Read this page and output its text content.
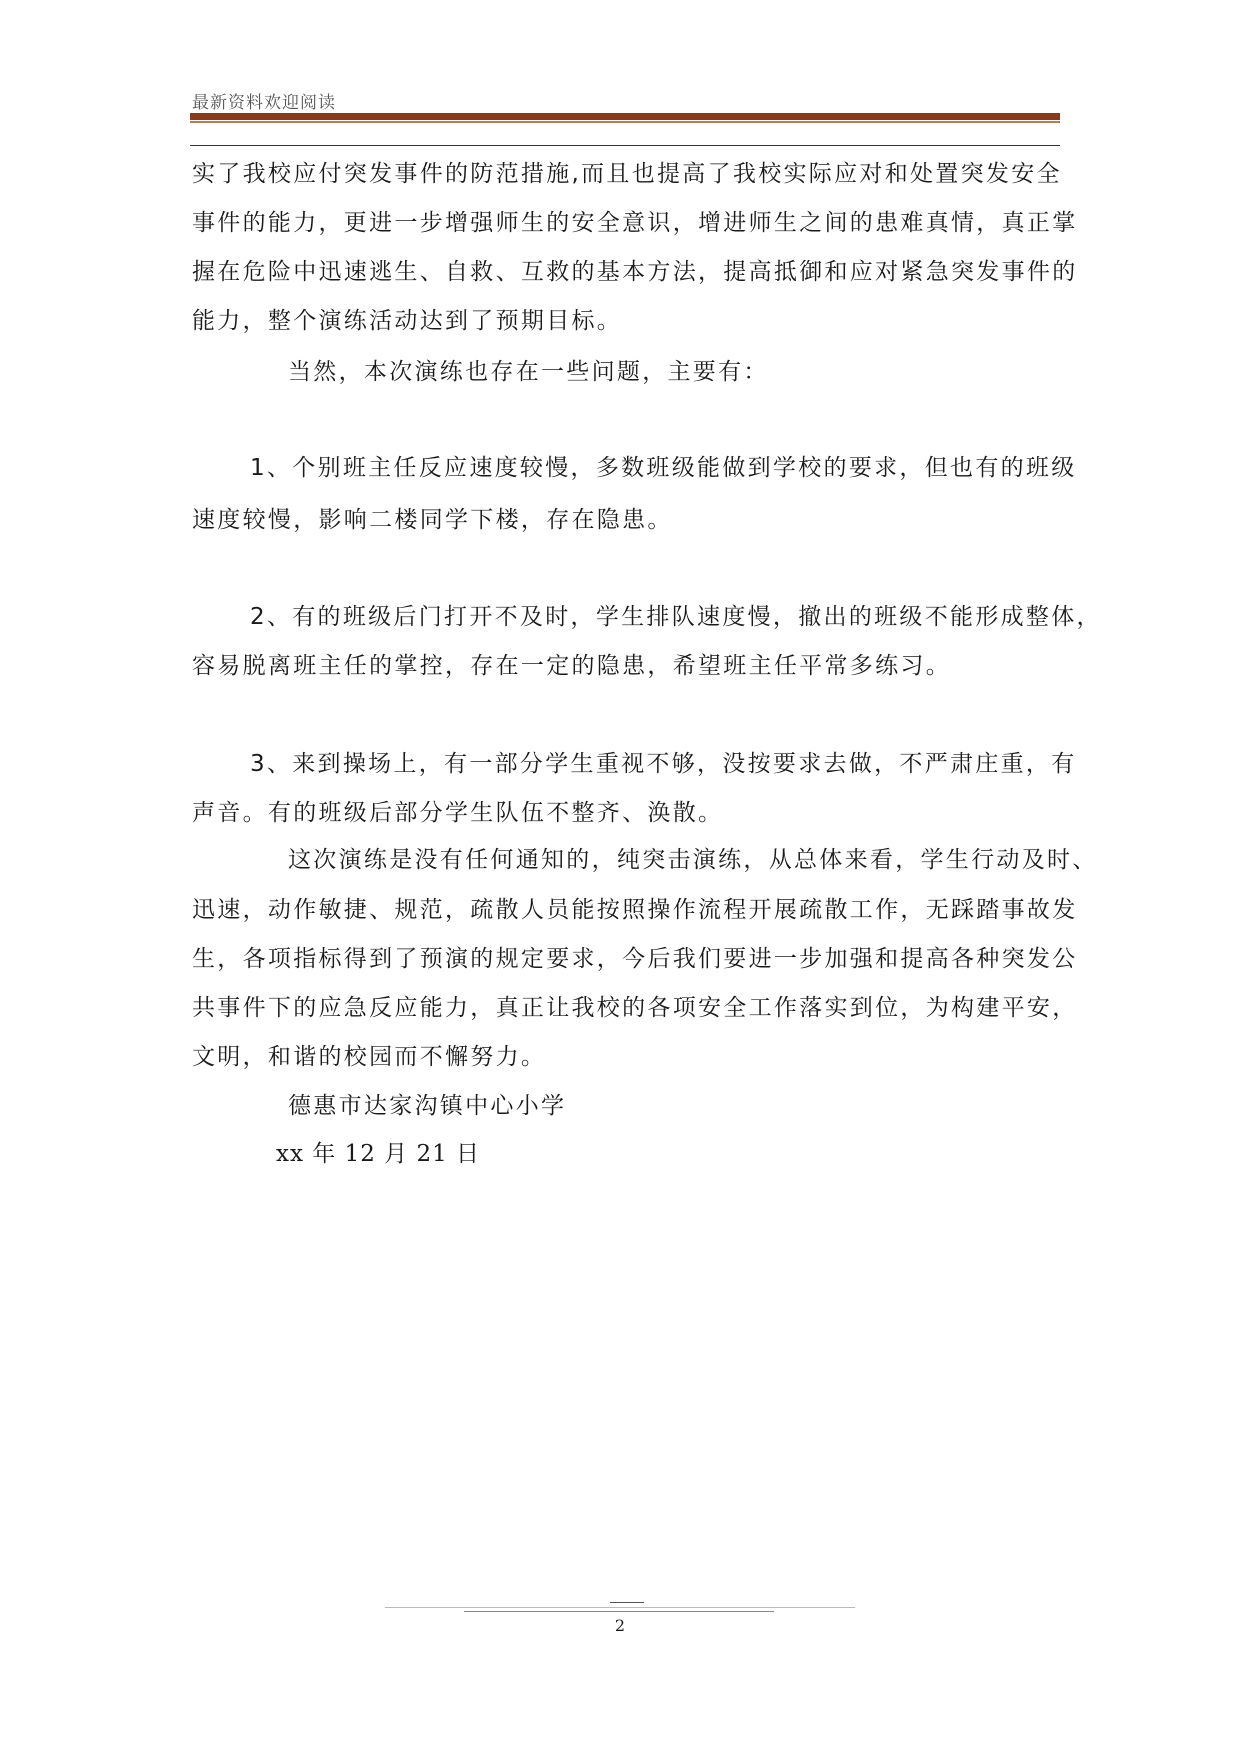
最新资料欢迎阅读
实了我校应付突发事件的防范措施,而且也提高了我校实际应对和处置突发安全
事件的能力，更进一步增强师生的安全意识，增进师生之间的患难真情，真正掌
握在危险中迅速逃生、自救、互救的基本方法，提高抵御和应对紧急突发事件的
能力，整个演练活动达到了预期目标。
当然，本次演练也存在一些问题，主要有：
1、个别班主任反应速度较慢，多数班级能做到学校的要求，但也有的班级
速度较慢，影响二楼同学下楼，存在隐患。
2、有的班级后门打开不及时，学生排队速度慢，撤出的班级不能形成整体，
容易脱离班主任的掌控，存在一定的隐患，希望班主任平常多练习。
3、来到操场上，有一部分学生重视不够，没按要求去做，不严肃庄重，有
声音。有的班级后部分学生队伍不整齐、涣散。
这次演练是没有任何通知的，纯突击演练，从总体来看，学生行动及时、
迅速，动作敏捷、规范，疏散人员能按照操作流程开展疏散工作，无踩踏事故发
生，各项指标得到了预演的规定要求，今后我们要进一步加强和提高各种突发公
共事件下的应急反应能力，真正让我校的各项安全工作落实到位，为构建平安，
文明，和谐的校园而不懈努力。
德惠市达家沟镇中心小学
xx 年 12 月 21 日
2
